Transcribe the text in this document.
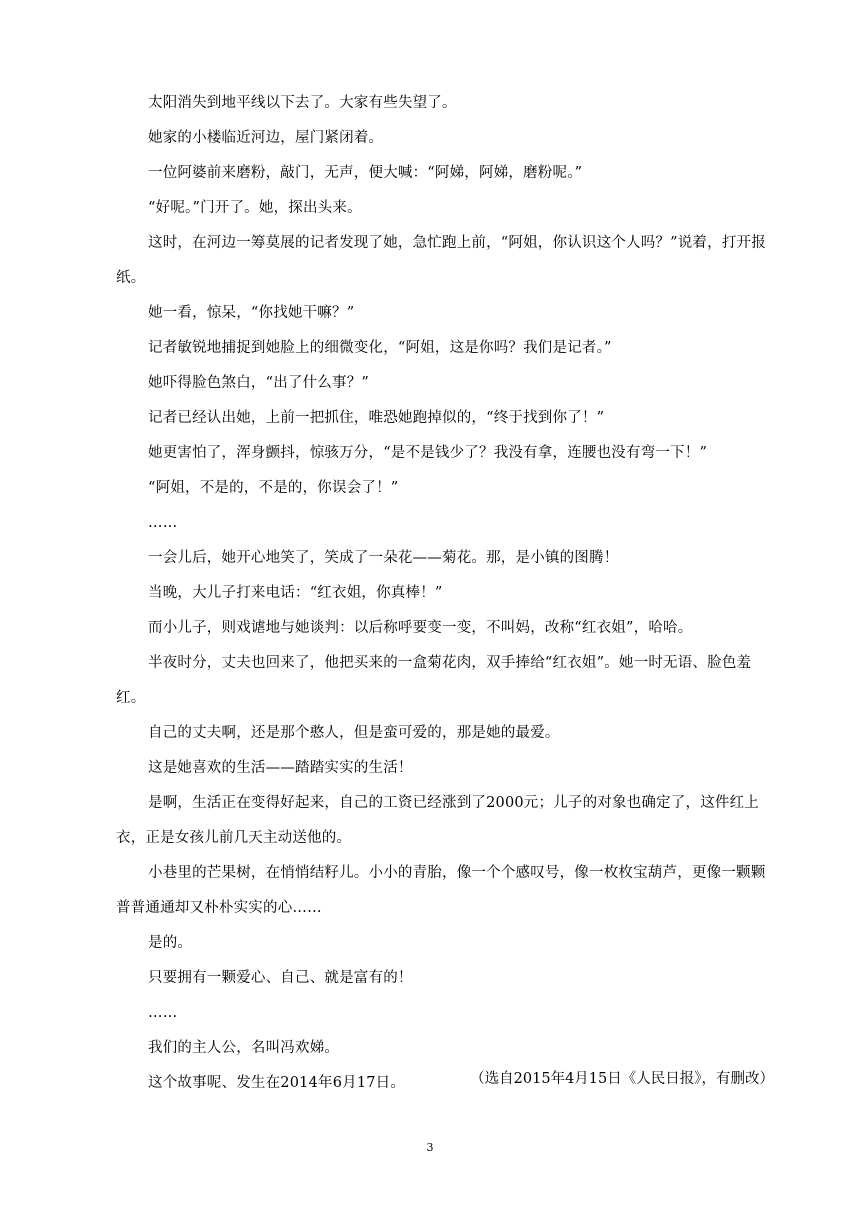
太阳消失到地平线以下去了。大家有些失望了。

她家的小楼临近河边，屋门紧闭着。

一位阿婆前来磨粉，敲门，无声，便大喊：“阿娣，阿娣，磨粉呢。”

“好呢。”门开了。她，探出头来。

这时，在河边一筹莫展的记者发现了她，急忙跑上前，“阿姐，你认识这个人吗？”说着，打开报纸。

她一看，惊呆，“你找她干嘛？”

记者敏锐地捕捉到她脸上的细微变化，“阿姐，这是你吗？我们是记者。”

她吓得脸色煞白，“出了什么事？”

记者已经认出她，上前一把抓住，唯恐她跑掉似的，“终于找到你了！”

她更害怕了，浑身颤抖，惊骇万分，“是不是钱少了？我没有拿，连腰也没有弯一下！”

“阿姐，不是的，不是的，你误会了！”

……

一会儿后，她开心地笑了，笑成了一朵花——菊花。那，是小镇的图腾！

当晚，大儿子打来电话：“红衣姐，你真棒！”

而小儿子，则戏谑地与她谈判：以后称呼要变一变，不叫妈，改称“红衣姐”，哈哈。

半夜时分，丈夫也回来了，他把买来的一盒菊花肉，双手捧给“红衣姐”。她一时无语、脸色羞红。

自己的丈夫啊，还是那个憨人，但是蛮可爱的，那是她的最爱。

这是她喜欢的生活——踏踏实实的生活！

是啊，生活正在变得好起来，自己的工资已经涨到了2000元；儿子的对象也确定了，这件红上衣，正是女孩儿前几天主动送他的。

小巷里的芒果树，在悄悄结籽儿。小小的青胎，像一个个感叹号，像一枚枚宝葫芦，更像一颗颗普普通通却又朴朴实实的心……

是的。

只要拥有一颗爱心、自己、就是富有的！

……

我们的主人公，名叫冯欢娣。

这个故事呢、发生在2014年6月17日。	（选自2015年4月15日《人民日报》，有删改）
3
